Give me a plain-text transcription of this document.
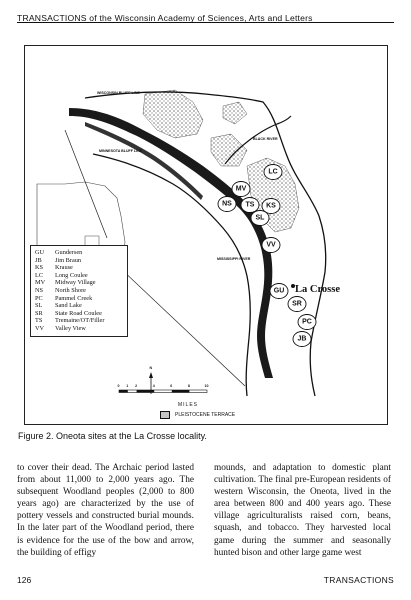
TRANSACTIONS of the Wisconsin Academy of Sciences, Arts and Letters
WISCONSIN BLUFF LINE
MINNESOTA BLUFF LINE
BLACK RIVER
MISSISSIPPI RIVER
LC
MV
NS TS KS
SL
VV
GU
SR
PC
JB
N
0 1 2	4	6	8	10
GU	Gundersen
JB	Jim Braun
KS	Krause
LC	Long Coulee
MV	Midway Village
NS	North Shore
PC	Pammel Creek
SL	Sand Lake
SR	State Road Coulee
TS	Tremaine/OT/Filler
VV	Valley View
La Crosse
MILES
PLEISTOCENE TERRACE
Figure 2. Oneota sites at the La Crosse locality.
to cover their dead. The Archaic period lasted from about 11,000 to 2,000 years ago. The subsequent Woodland peoples (2,000 to 800 years ago) are characterized by the use of pottery vessels and constructed burial mounds. In the later part of the Woodland period, there is evidence for the use of the bow and arrow, the building of effigy
mounds, and adaptation to domestic plant cultivation. The final pre-European residents of western Wisconsin, the Oneota, lived in the area between 800 and 400 years ago. These village agriculturalists raised corn, beans, squash, and tobacco. They harvested local game during the summer and seasonally hunted bison and other large game west
126	TRANSACTIONS
